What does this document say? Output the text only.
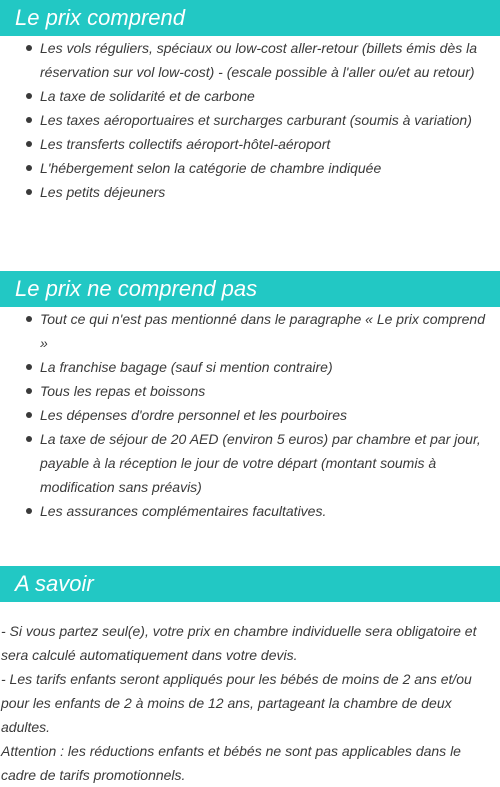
Le prix comprend
Les vols réguliers, spéciaux ou low-cost aller-retour (billets émis dès la réservation sur vol low-cost) - (escale possible à l'aller ou/et au retour)
La taxe de solidarité et de carbone
Les taxes aéroportuaires et surcharges carburant (soumis à variation)
Les transferts collectifs aéroport-hôtel-aéroport
L'hébergement selon la catégorie de chambre indiquée
Les petits déjeuners
Le prix ne comprend pas
Tout ce qui n'est pas mentionné dans le paragraphe « Le prix comprend »
La franchise bagage (sauf si mention contraire)
Tous les repas et boissons
Les dépenses d'ordre personnel et les pourboires
La taxe de séjour de 20 AED (environ 5 euros) par chambre et par jour, payable à la réception le jour de votre départ (montant soumis à modification sans préavis)
Les assurances complémentaires facultatives.
A savoir

- Si vous partez seul(e), votre prix en chambre individuelle sera obligatoire et sera calculé automatiquement dans votre devis.

- Les tarifs enfants seront appliqués pour les bébés de moins de 2 ans et/ou pour les enfants de 2 à moins de 12 ans, partageant la chambre de deux adultes.

Attention : les réductions enfants et bébés ne sont pas applicables dans le cadre de tarifs promotionnels.
